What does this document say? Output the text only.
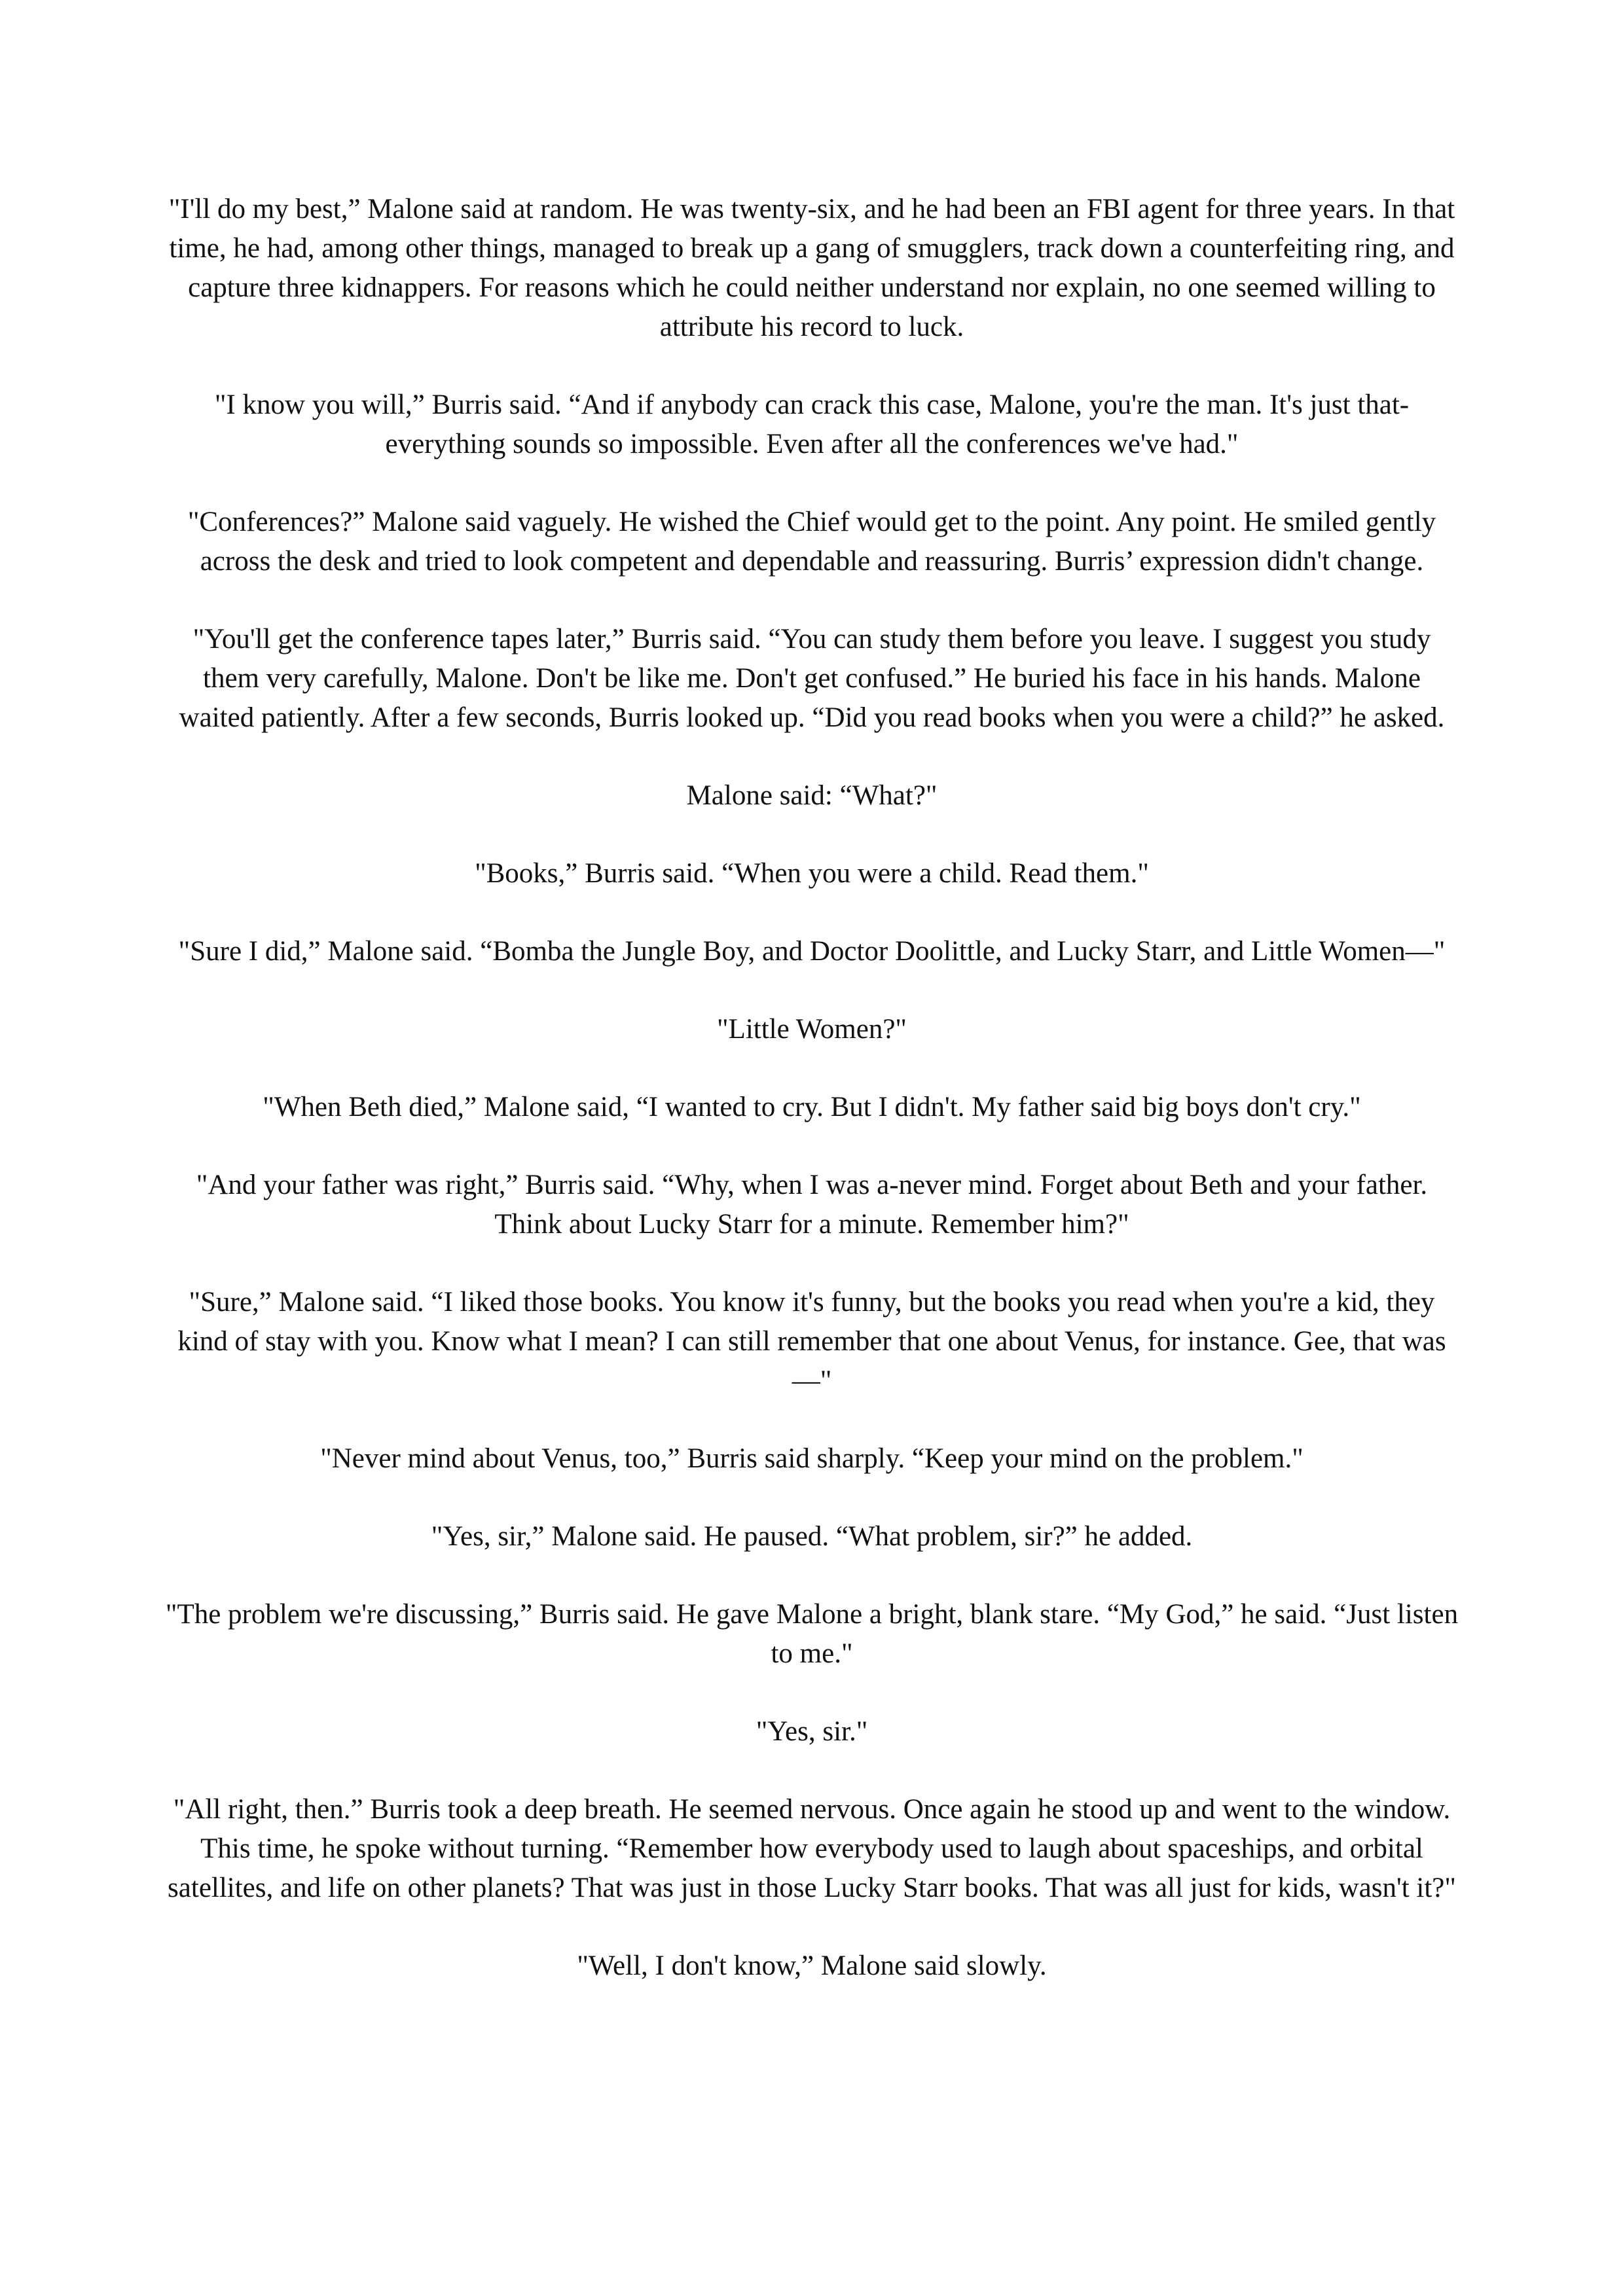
"I'll do my best,” Malone said at random. He was twenty-six, and he had been an FBI agent for three years. In that time, he had, among other things, managed to break up a gang of smugglers, track down a counterfeiting ring, and capture three kidnappers. For reasons which he could neither understand nor explain, no one seemed willing to attribute his record to luck.

"I know you will,” Burris said. “And if anybody can crack this case, Malone, you're the man. It's just that-everything sounds so impossible. Even after all the conferences we've had."

"Conferences?” Malone said vaguely. He wished the Chief would get to the point. Any point. He smiled gently across the desk and tried to look competent and dependable and reassuring. Burris’ expression didn't change.

"You'll get the conference tapes later,” Burris said. “You can study them before you leave. I suggest you study them very carefully, Malone. Don't be like me. Don't get confused.” He buried his face in his hands. Malone waited patiently. After a few seconds, Burris looked up. “Did you read books when you were a child?” he asked.

Malone said: “What?"

"Books,” Burris said. “When you were a child. Read them."

"Sure I did,” Malone said. “Bomba the Jungle Boy, and Doctor Doolittle, and Lucky Starr, and Little Women—"

"Little Women?"

"When Beth died,” Malone said, “I wanted to cry. But I didn't. My father said big boys don't cry."

"And your father was right,” Burris said. “Why, when I was a-never mind. Forget about Beth and your father. Think about Lucky Starr for a minute. Remember him?"

"Sure,” Malone said. “I liked those books. You know it's funny, but the books you read when you're a kid, they kind of stay with you. Know what I mean? I can still remember that one about Venus, for instance. Gee, that was—"

"Never mind about Venus, too,” Burris said sharply. “Keep your mind on the problem."

"Yes, sir,” Malone said. He paused. “What problem, sir?” he added.

"The problem we're discussing,” Burris said. He gave Malone a bright, blank stare. “My God,” he said. “Just listen to me."

"Yes, sir."

"All right, then.” Burris took a deep breath. He seemed nervous. Once again he stood up and went to the window. This time, he spoke without turning. “Remember how everybody used to laugh about spaceships, and orbital satellites, and life on other planets? That was just in those Lucky Starr books. That was all just for kids, wasn't it?"

"Well, I don't know,” Malone said slowly.
